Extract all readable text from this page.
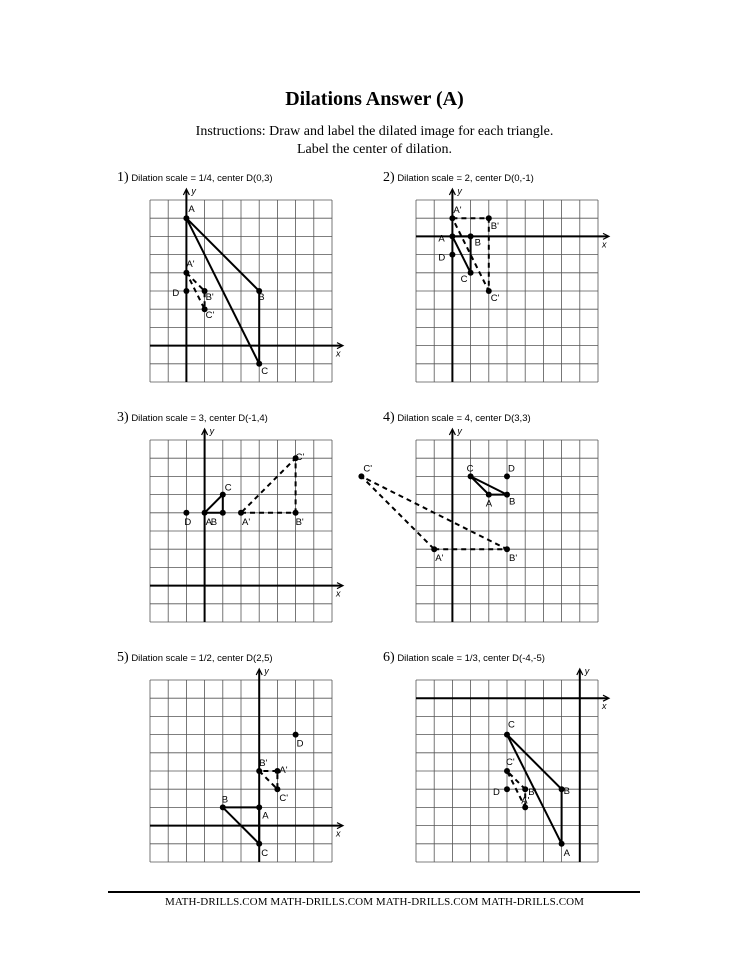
Dilations Answer (A)
Instructions: Draw and label the dilated image for each triangle.
Label the center of dilation.
1) Dilation scale = 1/4, center D(0,3)	2) Dilation scale = 2, center D(0,-1)
3) Dilation scale = 3, center D(-1,4)	4) Dilation scale = 4, center D(3,3)
5) Dilation scale = 1/2, center D(2,5)	6) Dilation scale = 1/3, center D(-4,-5)
y
x
A
B
C
A'
B'
C'
D
y
x
A	B
C
A'
B'
C'
D
y
x
A
B
C
A'	B'
C'
D
y
A B
C
A'	B'
C'	D
y
x
A
B
C
A'
B'
C'
D
y
x
A
B
C
A'
B'
C'
D
MATH-DRILLS.COM MATH-DRILLS.COM MATH-DRILLS.COM MATH-DRILLS.COM
